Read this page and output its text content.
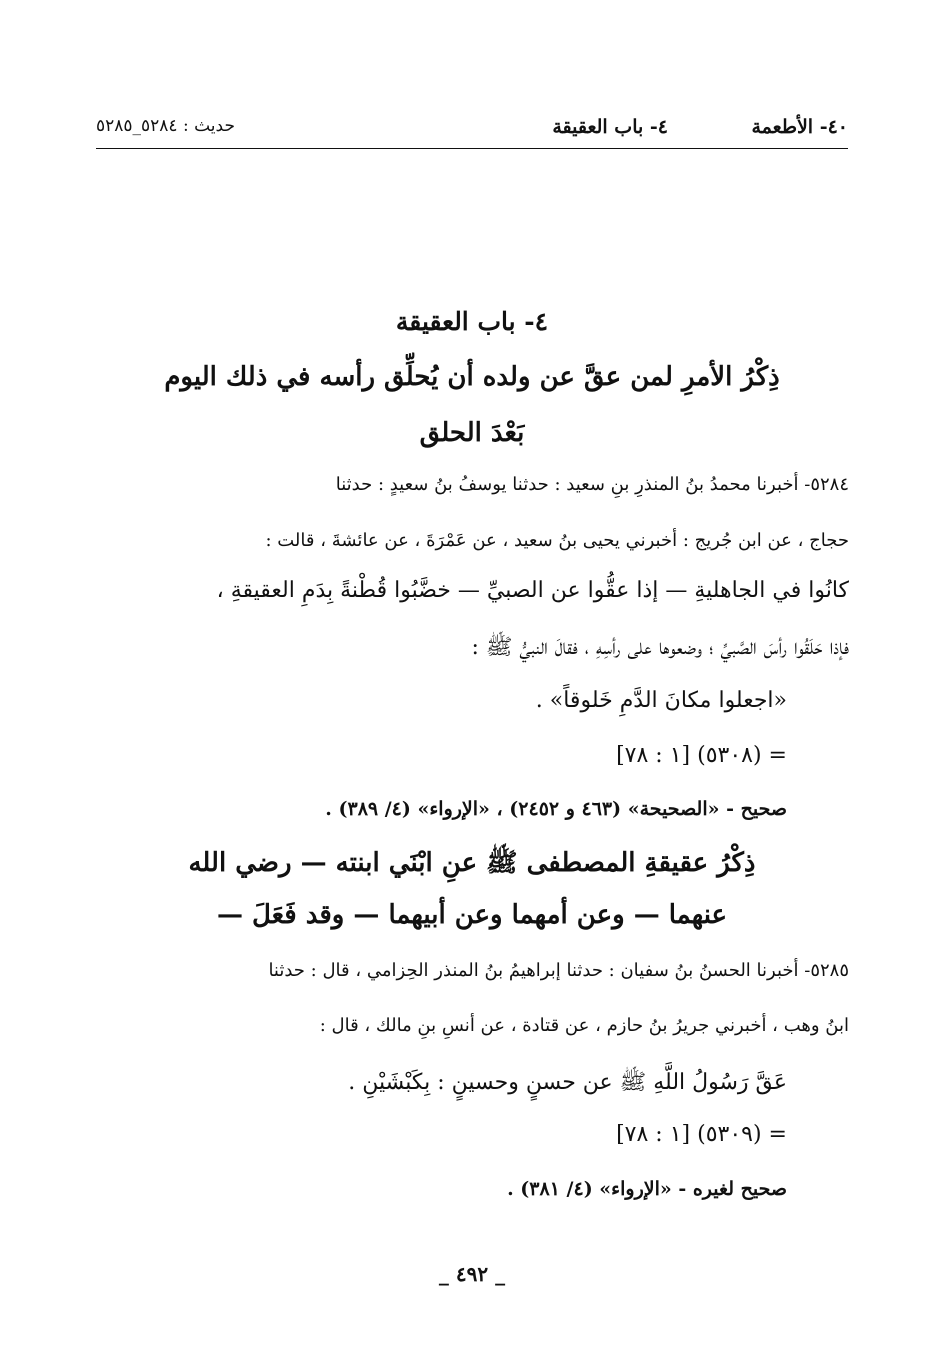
٤٠- الأطعمة
٤- باب العقيقة
حديث : ٥٢٨٤_٥٢٨٥
٤- باب العقيقة
ذِكْرُ الأمرِ لمن عقَّ عن ولده أن يُحلِّق رأسه في ذلك اليوم
بَعْدَ الحلق
٥٢٨٤- أخبرنا محمدُ بنُ المنذرِ بنِ سعيد : حدثنا يوسفُ بنُ سعيدٍ : حدثنا
حجاج ، عن ابن جُريج : أخبرني يحيى بنُ سعيد ، عن عَمْرَةَ ، عن عائشةَ ، قالت :
كانُوا في الجاهليةِ — إذا عقُّوا عن الصبيِّ — خضَّبُوا قُطْنةً بِدَمِ العقيقةِ ،
فإذا حَلَقُوا رأسَ الصَّبيِّ ؛ وضعوها على رأسِهِ ، فقالَ النبيُّ ﷺ :
«اجعلوا مكانَ الدَّمِ خَلوقاً» .
= (٥٣٠٨) [١ : ٧٨]
صحيح - «الصحيحة» (٤٦٣ و ٢٤٥٢) ، «الإرواء» (٤/ ٣٨٩) .
ذِكْرُ عقيقةِ المصطفى ﷺ عنِ ابْنَي ابنته — رضي الله
عنهما — وعن أمهما وعن أبيهما — وقد فَعَلَ —
٥٢٨٥- أخبرنا الحسنُ بنُ سفيان : حدثنا إبراهيمُ بنُ المنذر الحِزامي ، قال : حدثنا
ابنُ وهب ، أخبرني جريرُ بنُ حازم ، عن قتادة ، عن أنسِ بنِ مالك ، قال :
عَقَّ رَسُولُ اللَّهِ ﷺ عن حسنٍ وحسينٍ : بِكَبْشَيْنِ .
= (٥٣٠٩) [١ : ٧٨]
صحيح لغيره - «الإرواء» (٤/ ٣٨١) .
_ ٤٩٢ _
